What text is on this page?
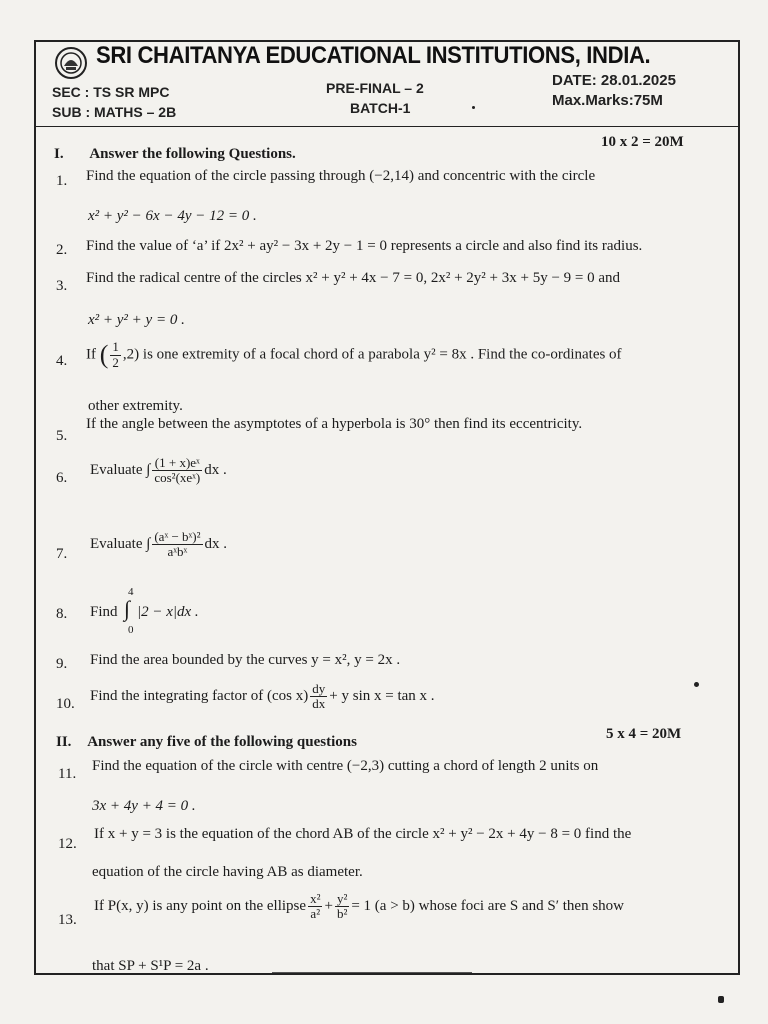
SRI CHAITANYA EDUCATIONAL INSTITUTIONS, INDIA.
SEC : TS SR MPC
SUB : MATHS – 2B
PRE-FINAL – 2
BATCH-1
DATE: 28.01.2025
Max.Marks:75M
I. Answer the following Questions.
10 x 2 = 20M
1. Find the equation of the circle passing through (−2,14) and concentric with the circle
x² + y² − 6x − 4y − 12 = 0 .
2. Find the value of ‘a’ if 2x² + ay² − 3x + 2y − 1 = 0 represents a circle and also find its radius.
3. Find the radical centre of the circles x² + y² + 4x − 7 = 0, 2x² + 2y² + 3x + 5y − 9 = 0 and
x² + y² + y = 0 .
4. If ( $\frac{1}{2} ,2$) is one extremity of a focal chord of a parabola y² = 8x . Find the co-ordinates of
other extremity.
5.
If the angle between the asymptotes of a hyperbola is 30° then find its eccentricity.
6. Evaluate ∫ $\frac{\text{(1 + x)eˣ}}{\text{cos²(xeˣ)}}$ dx .
7.
Evaluate ∫ $\frac{\text{(aˣ − bˣ)²}}{\text{aˣbˣ}}$ dx .
8. Find
4
∫
0
|2 − x|dx .
9. Find the area bounded by the curves y = x², y = 2x .
10. Find the integrating factor of (cos $x) \frac{dy}{dx} + y$ sin x = tan x .
II. Answer any five of the following questions	5 x 4 = 20M
11. Find the equation of the circle with centre (−2,3) cutting a chord of length 2 units on
3x + 4y + 4 = 0 .
12.
If x + y = 3 is the equation of the chord AB of the circle x² + y² − 2x + 4y − 8 = 0 find the
equation of the circle having AB as diameter.
13.
If P(x, y) is any point on the ellipse $\frac{\text{x²}}{\text{a²}} + \frac{\text{y²}}{\text{b²}} = 1$ (a > b) whose foci are S and S′ then show
that SP + S¹P = 2a .
